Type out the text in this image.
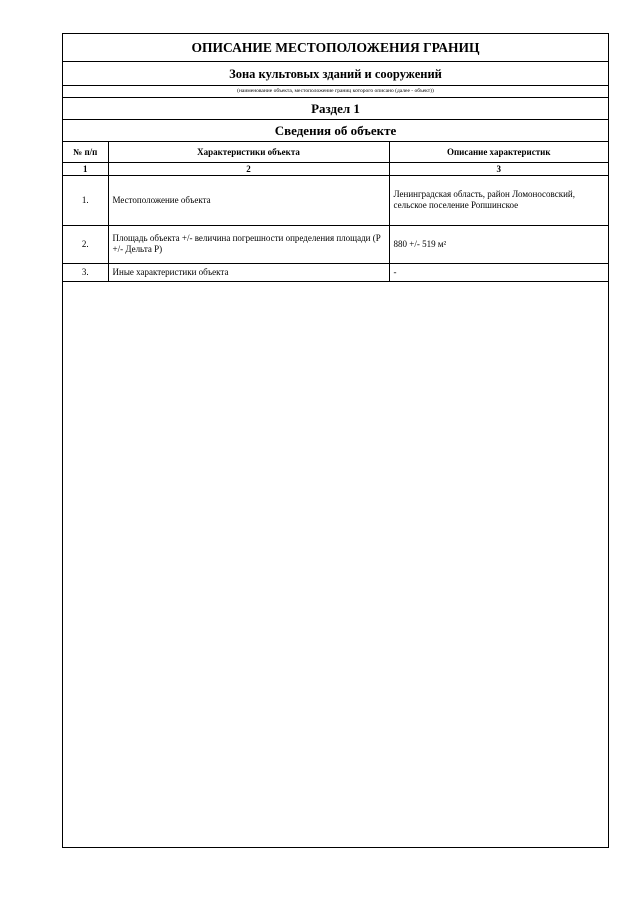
ОПИСАНИЕ МЕСТОПОЛОЖЕНИЯ ГРАНИЦ
Зона культовых зданий и сооружений
(наименование объекта, местоположение границ которого описано (далее - объект))
Раздел 1
Сведения об объекте
№ п/п	Характеристики объекта	Описание характеристик
1	2	3
1.	Местоположение объекта	Ленинградская область, район Ломоносовский, сельское поселение Ропшинское
2.	Площадь объекта +/- величина погрешности определения площади (Р +/- Дельта Р)	880 +/- 519 м²
3.	Иные характеристики объекта	-
